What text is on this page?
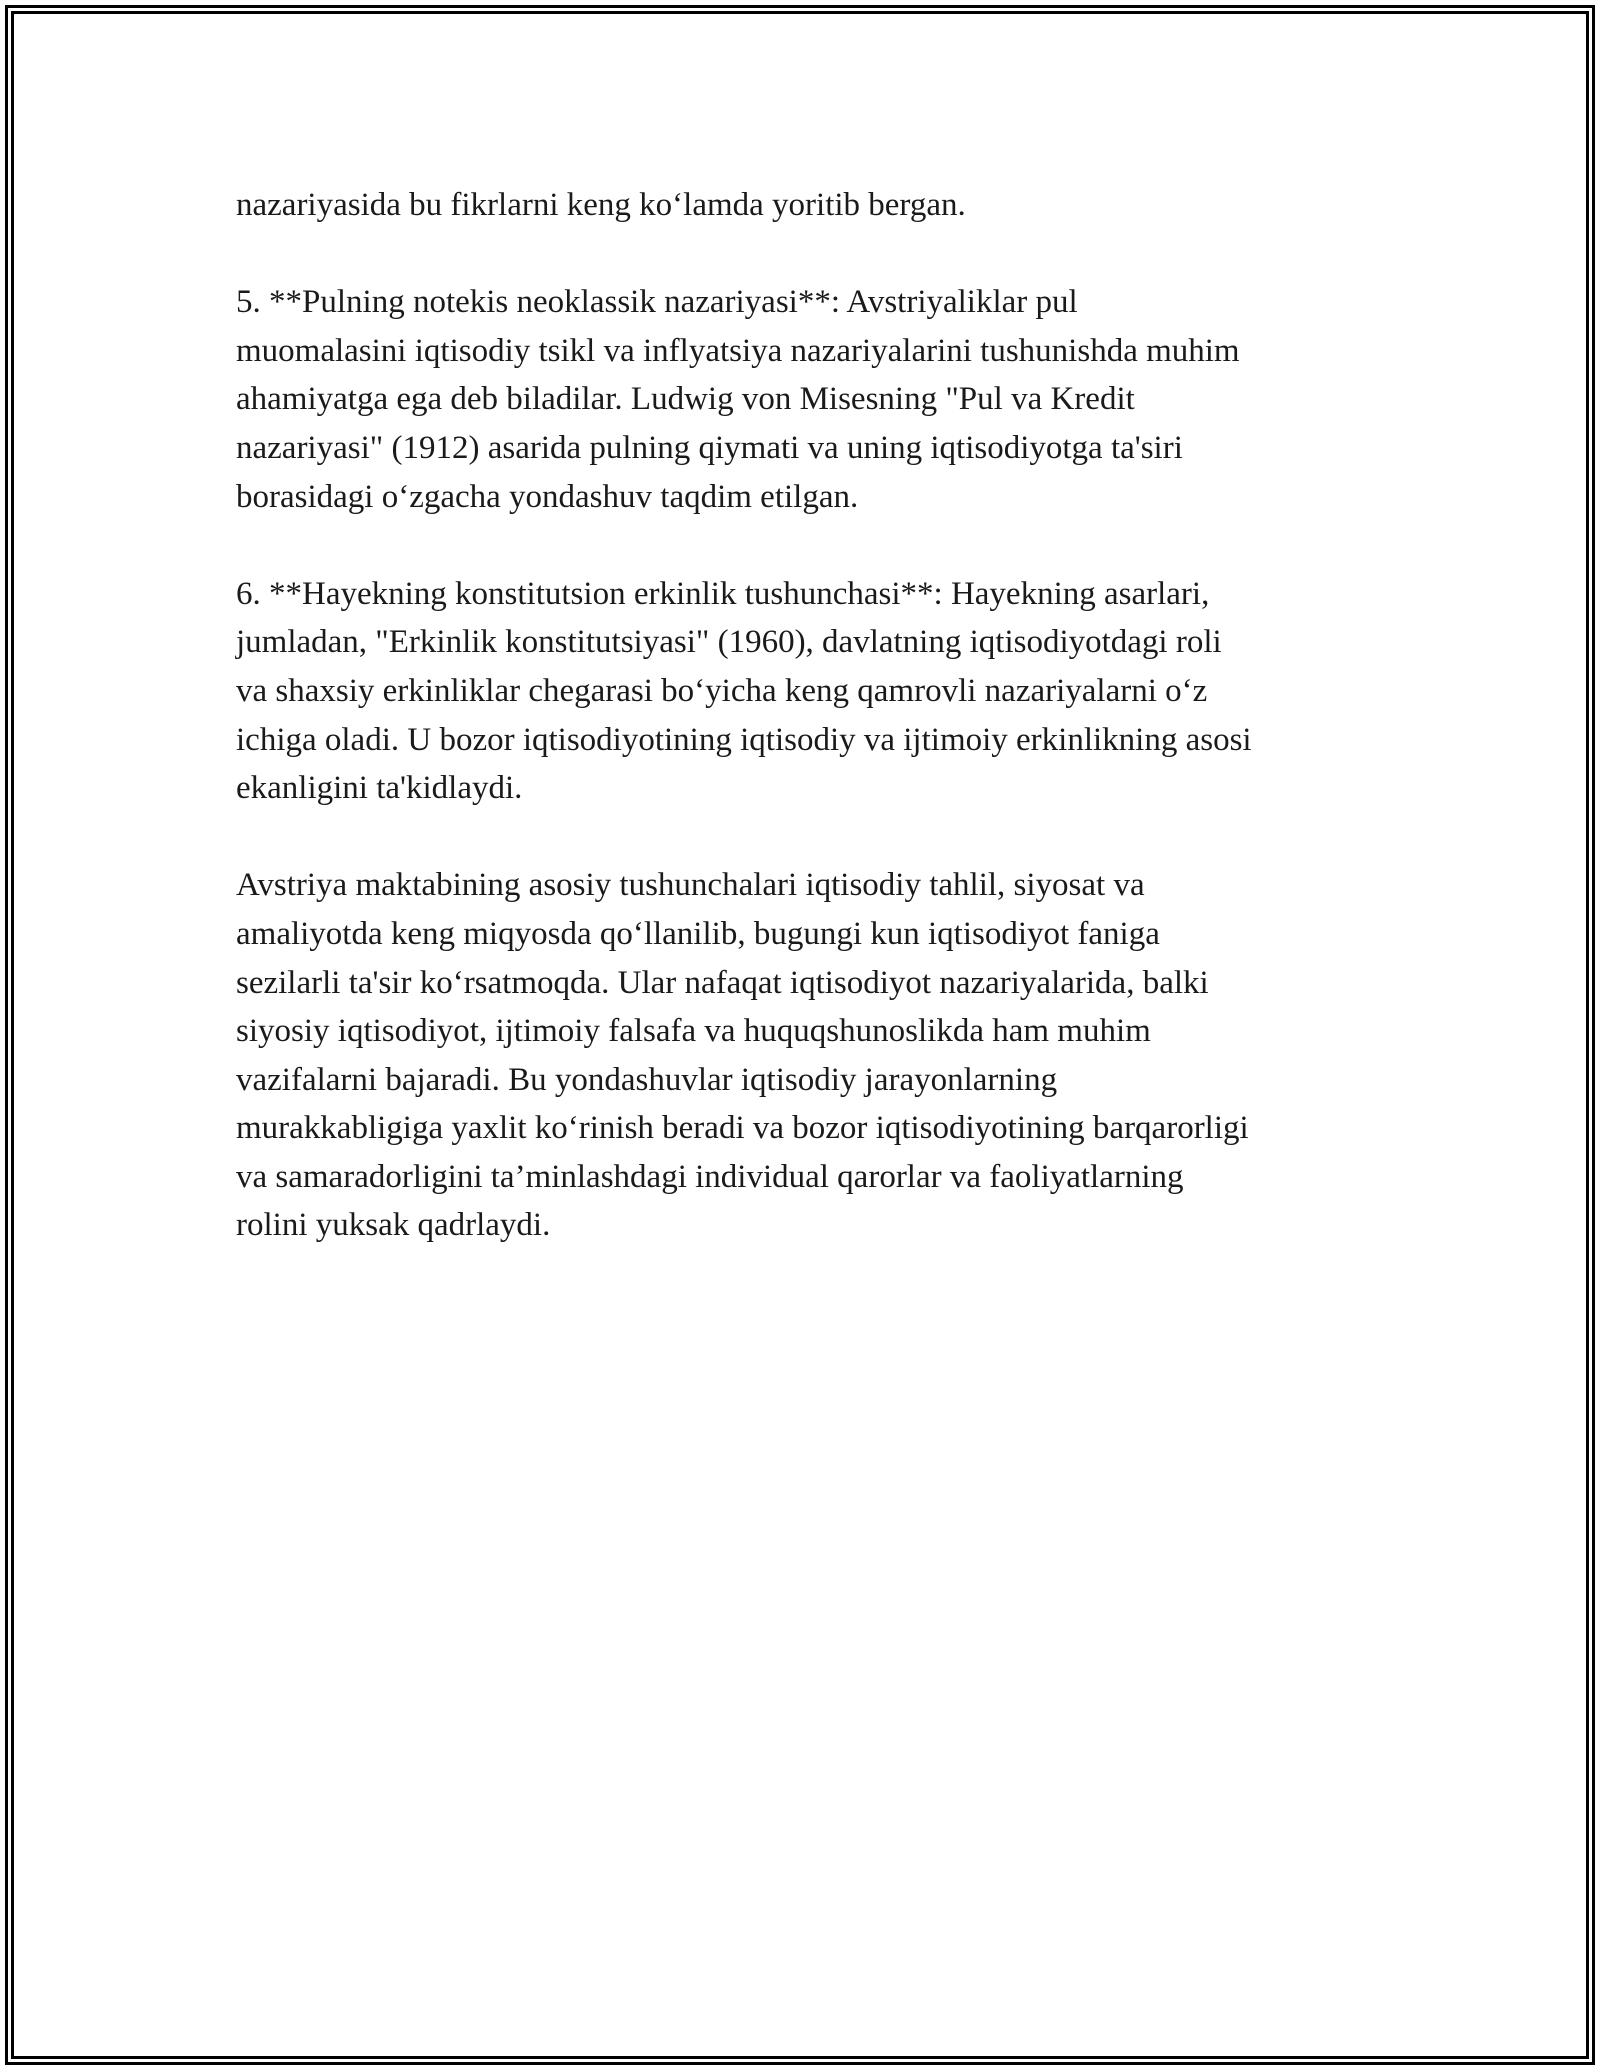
nazariyasida bu fikrlarni keng ko‘lamda yoritib bergan.

5. **Pulning notekis neoklassik nazariyasi**: Avstriyaliklar pul
muomalasini iqtisodiy tsikl va inflyatsiya nazariyalarini tushunishda muhim
ahamiyatga ega deb biladilar. Ludwig von Misesning "Pul va Kredit
nazariyasi" (1912) asarida pulning qiymati va uning iqtisodiyotga ta'siri
borasidagi o‘zgacha yondashuv taqdim etilgan.

6. **Hayekning konstitutsion erkinlik tushunchasi**: Hayekning asarlari,
jumladan, "Erkinlik konstitutsiyasi" (1960), davlatning iqtisodiyotdagi roli
va shaxsiy erkinliklar chegarasi bo‘yicha keng qamrovli nazariyalarni o‘z
ichiga oladi. U bozor iqtisodiyotining iqtisodiy va ijtimoiy erkinlikning asosi
ekanligini ta'kidlaydi.

Avstriya maktabining asosiy tushunchalari iqtisodiy tahlil, siyosat va
amaliyotda keng miqyosda qo‘llanilib, bugungi kun iqtisodiyot faniga
sezilarli ta'sir ko‘rsatmoqda. Ular nafaqat iqtisodiyot nazariyalarida, balki
siyosiy iqtisodiyot, ijtimoiy falsafa va huquqshunoslikda ham muhim
vazifalarni bajaradi. Bu yondashuvlar iqtisodiy jarayonlarning
murakkabligiga yaxlit ko‘rinish beradi va bozor iqtisodiyotining barqarorligi
va samaradorligini ta’minlashdagi individual qarorlar va faoliyatlarning
rolini yuksak qadrlaydi.
